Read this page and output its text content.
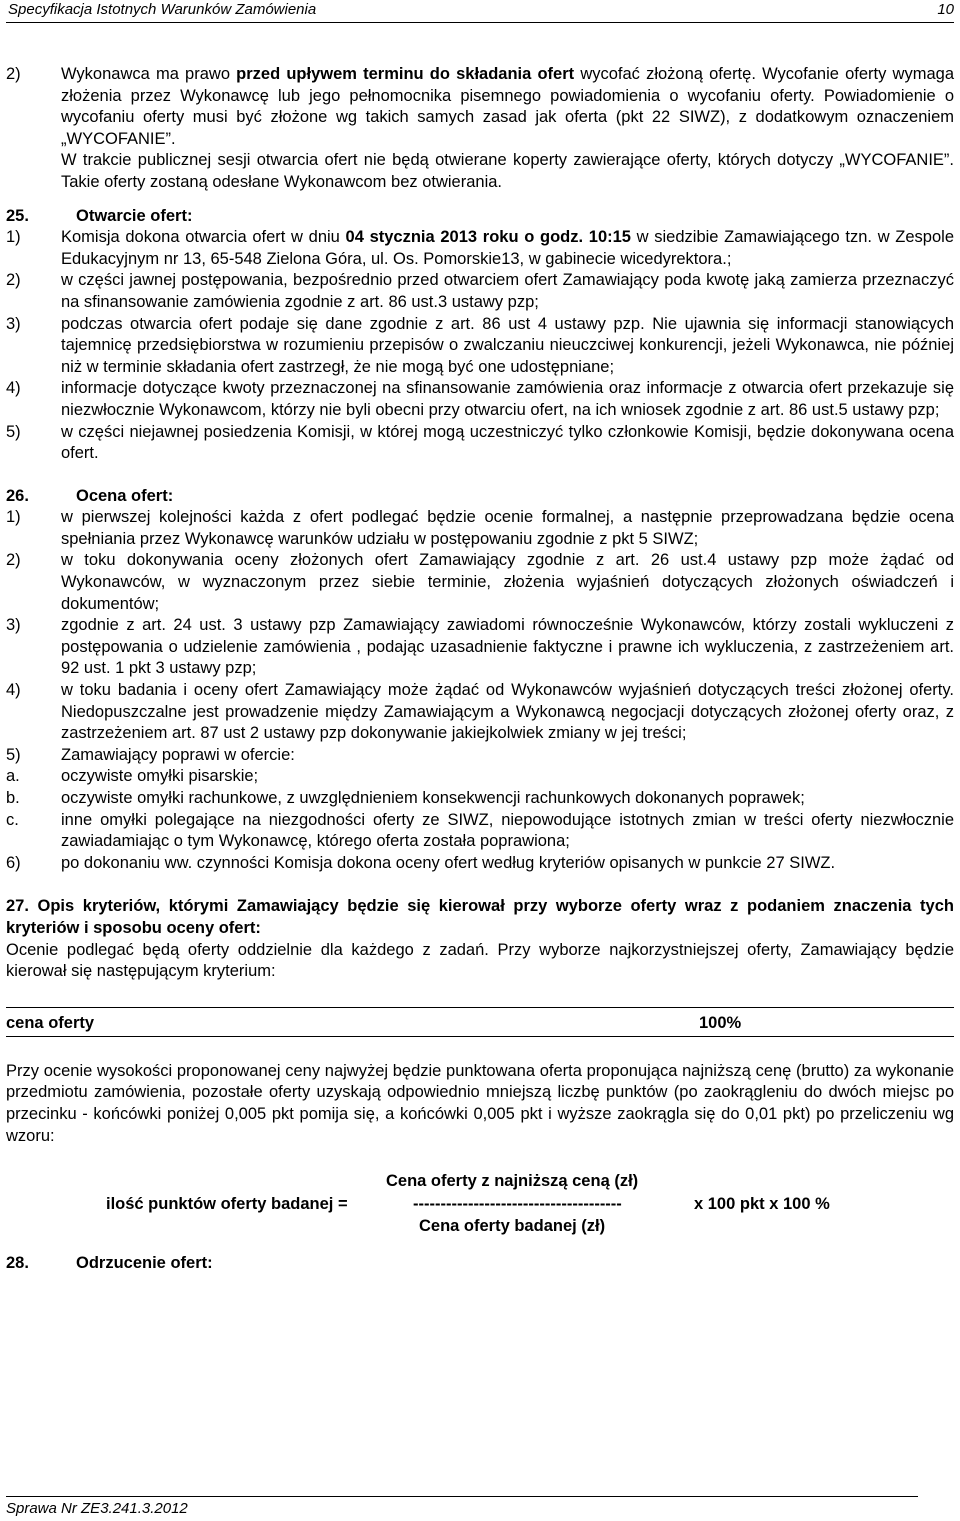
Specyfikacja Istotnych Warunków Zamówienia	10
2)	Wykonawca ma prawo przed upływem terminu do składania ofert wycofać złożoną ofertę. Wycofanie oferty wymaga złożenia przez Wykonawcę lub jego pełnomocnika pisemnego powiadomienia o wycofaniu oferty. Powiadomienie o wycofaniu oferty musi być złożone wg takich samych zasad jak oferta (pkt 22 SIWZ), z dodatkowym oznaczeniem „WYCOFANIE”.

W trakcie publicznej sesji otwarcia ofert nie będą otwierane koperty zawierające oferty, których dotyczy „WYCOFANIE”. Takie oferty zostaną odesłane Wykonawcom bez otwierania.

25.	Otwarcie ofert:
1)	Komisja dokona otwarcia ofert w dniu 04 stycznia 2013 roku o godz. 10:15 w siedzibie Zamawiającego tzn. w Zespole Edukacyjnym nr 13, 65-548 Zielona Góra, ul. Os. Pomorskie13, w gabinecie wicedyrektora.;

2)	w części jawnej postępowania, bezpośrednio przed otwarciem ofert Zamawiający poda kwotę jaką zamierza przeznaczyć na sfinansowanie zamówienia zgodnie z art. 86 ust.3 ustawy pzp;

3)	podczas otwarcia ofert podaje się dane zgodnie z art. 86 ust 4 ustawy pzp. Nie ujawnia się informacji stanowiących tajemnicę przedsiębiorstwa w rozumieniu przepisów o zwalczaniu nieuczciwej konkurencji, jeżeli Wykonawca, nie później niż w terminie składania ofert zastrzegł, że nie mogą być one udostępniane;

4)	informacje dotyczące kwoty przeznaczonej na sfinansowanie zamówienia oraz informacje z otwarcia ofert przekazuje się niezwłocznie Wykonawcom, którzy nie byli obecni przy otwarciu ofert, na ich wniosek zgodnie z art. 86 ust.5 ustawy pzp;

5)	w części niejawnej posiedzenia Komisji, w której mogą uczestniczyć tylko członkowie Komisji, będzie dokonywana ocena ofert.

26.	Ocena ofert:
1)	w pierwszej kolejności każda z ofert podlegać będzie ocenie formalnej, a następnie przeprowadzana będzie ocena spełniania przez Wykonawcę warunków udziału w postępowaniu zgodnie z pkt 5 SIWZ;

2)	w toku dokonywania oceny złożonych ofert Zamawiający zgodnie z art. 26 ust.4 ustawy pzp może żądać od Wykonawców, w wyznaczonym przez siebie terminie, złożenia wyjaśnień dotyczących złożonych oświadczeń i dokumentów;

3)	zgodnie z art. 24 ust. 3 ustawy pzp Zamawiający zawiadomi równocześnie Wykonawców, którzy zostali wykluczeni z postępowania o udzielenie zamówienia , podając uzasadnienie faktyczne i prawne ich wykluczenia, z zastrzeżeniem art. 92 ust. 1 pkt 3 ustawy pzp;

4)	w toku badania i oceny ofert Zamawiający może żądać od Wykonawców wyjaśnień dotyczących treści złożonej oferty. Niedopuszczalne jest prowadzenie między Zamawiającym a Wykonawcą negocjacji dotyczących złożonej oferty oraz, z zastrzeżeniem art. 87 ust 2 ustawy pzp dokonywanie jakiejkolwiek zmiany w jej treści;

5)	Zamawiający poprawi w ofercie:

a.	oczywiste omyłki pisarskie;

b.	oczywiste omyłki rachunkowe, z uwzględnieniem konsekwencji rachunkowych dokonanych poprawek;

c.	inne omyłki polegające na niezgodności oferty ze SIWZ, niepowodujące istotnych zmian w treści oferty niezwłocznie zawiadamiając o tym Wykonawcę, którego oferta została poprawiona;

6)	po dokonaniu ww. czynności Komisja dokona oceny ofert według kryteriów opisanych w punkcie 27 SIWZ.

27. Opis kryteriów, którymi Zamawiający będzie się kierował przy wyborze oferty wraz z podaniem znaczenia tych kryteriów i sposobu oceny ofert:

Ocenie podlegać będą oferty oddzielnie dla każdego z zadań. Przy wyborze najkorzystniejszej oferty, Zamawiający będzie kierował się następującym kryterium:

cena oferty	100%

Przy ocenie wysokości proponowanej ceny najwyżej będzie punktowana oferta proponująca najniższą cenę (brutto) za wykonanie przedmiotu zamówienia, pozostałe oferty uzyskają odpowiednio mniejszą liczbę punktów (po zaokrągleniu do dwóch miejsc po przecinku - końcówki poniżej 0,005 pkt pomija się, a końcówki 0,005 pkt i wyższe zaokrągla się do 0,01 pkt) po przeliczeniu wg wzoru:

Cena oferty z najniższą ceną (zł)
ilość punktów oferty badanej =	--------------------------------------	x 100 pkt x 100 %
Cena oferty badanej (zł)
28.	Odrzucenie ofert:
Sprawa Nr ZE3.241.3.2012
